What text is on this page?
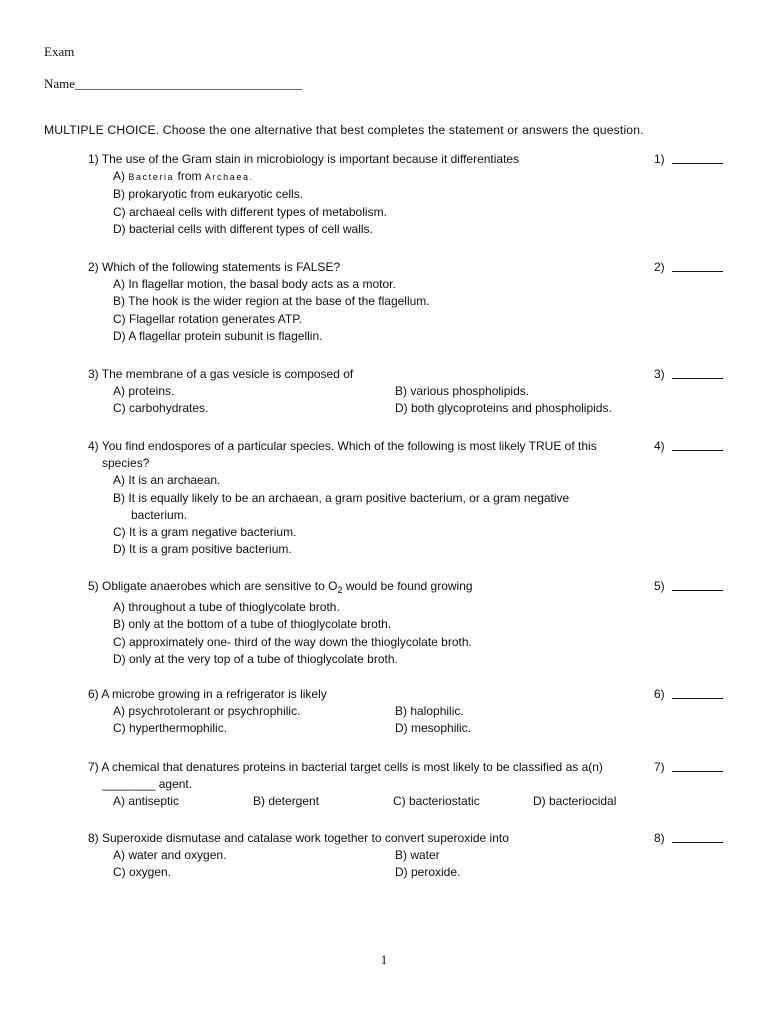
Exam
Name___________________________________
MULTIPLE CHOICE. Choose the one alternative that best completes the statement or answers the question.
1) The use of the Gram stain in microbiology is important because it differentiates	1)
A) Bacteria from Archaea.
B) prokaryotic from eukaryotic cells.
C) archaeal cells with different types of metabolism.
D) bacterial cells with different types of cell walls.
2) Which of the following statements is FALSE?	2)
A) In flagellar motion, the basal body acts as a motor.
B) The hook is the wider region at the base of the flagellum.
C) Flagellar rotation generates ATP.
D) A flagellar protein subunit is flagellin.
3) The membrane of a gas vesicle is composed of	3)
A) proteins.	B) various phospholipids.
C) carbohydrates.	D) both glycoproteins and phospholipids.
4) You find endospores of a particular species. Which of the following is most likely TRUE of this
species?
4)
A) It is an archaean.
B) It is equally likely to be an archaean, a gram positive bacterium, or a gram negative
bacterium.
C) It is a gram negative bacterium.
D) It is a gram positive bacterium.
5) Obligate anaerobes which are sensitive to $O_2$ would be found growing	5)
A) throughout a tube of thioglycolate broth.
B) only at the bottom of a tube of thioglycolate broth.
C) approximately one- third of the way down the thioglycolate broth.
D) only at the very top of a tube of thioglycolate broth.
6) A microbe growing in a refrigerator is likely	6)
A) psychrotolerant or psychrophilic.	B) halophilic.
C) hyperthermophilic.	D) mesophilic.
7) A chemical that denatures proteins in bacterial target cells is most likely to be classified as a(n)
________ agent.
7)
A) antiseptic	B) detergent	C) bacteriostatic	D) bacteriocidal
8) Superoxide dismutase and catalase work together to convert superoxide into	8)
A) water and oxygen.	B) water
C) oxygen.	D) peroxide.
1
